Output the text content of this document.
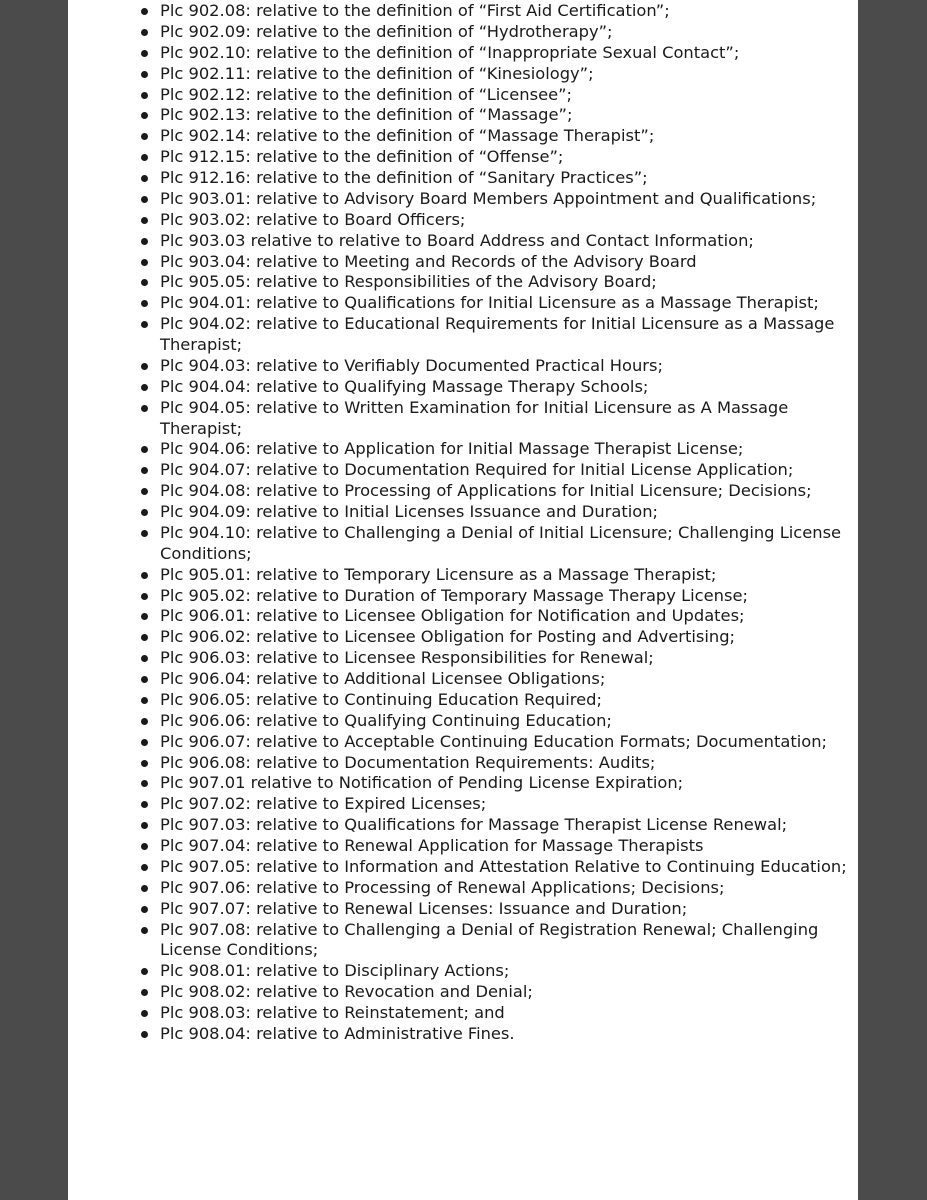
Plc 902.08: relative to the definition of “First Aid Certification”;
Plc 902.09: relative to the definition of “Hydrotherapy”;
Plc 902.10: relative to the definition of “Inappropriate Sexual Contact”;
Plc 902.11: relative to the definition of “Kinesiology”;
Plc 902.12: relative to the definition of “Licensee”;
Plc 902.13: relative to the definition of “Massage”;
Plc 902.14: relative to the definition of “Massage Therapist”;
Plc 912.15: relative to the definition of “Offense”;
Plc 912.16: relative to the definition of “Sanitary Practices”;
Plc 903.01: relative to Advisory Board Members Appointment and Qualifications;
Plc 903.02: relative to Board Officers;
Plc 903.03 relative to relative to Board Address and Contact Information;
Plc 903.04: relative to Meeting and Records of the Advisory Board
Plc 905.05: relative to Responsibilities of the Advisory Board;
Plc 904.01: relative to Qualifications for Initial Licensure as a Massage Therapist;
Plc 904.02: relative to Educational Requirements for Initial Licensure as a Massage Therapist;
Plc 904.03: relative to Verifiably Documented Practical Hours;
Plc 904.04: relative to Qualifying Massage Therapy Schools;
Plc 904.05: relative to Written Examination for Initial Licensure as A Massage Therapist;
Plc 904.06: relative to Application for Initial Massage Therapist License;
Plc 904.07: relative to Documentation Required for Initial License Application;
Plc 904.08: relative to Processing of Applications for Initial Licensure; Decisions;
Plc 904.09: relative to Initial Licenses Issuance and Duration;
Plc 904.10: relative to Challenging a Denial of Initial Licensure; Challenging License Conditions;
Plc 905.01: relative to Temporary Licensure as a Massage Therapist;
Plc 905.02: relative to Duration of Temporary Massage Therapy License;
Plc 906.01: relative to Licensee Obligation for Notification and Updates;
Plc 906.02: relative to Licensee Obligation for Posting and Advertising;
Plc 906.03: relative to Licensee Responsibilities for Renewal;
Plc 906.04: relative to Additional Licensee Obligations;
Plc 906.05: relative to Continuing Education Required;
Plc 906.06: relative to Qualifying Continuing Education;
Plc 906.07: relative to Acceptable Continuing Education Formats; Documentation;
Plc 906.08: relative to Documentation Requirements: Audits;
Plc 907.01 relative to Notification of Pending License Expiration;
Plc 907.02: relative to Expired Licenses;
Plc 907.03: relative to Qualifications for Massage Therapist License Renewal;
Plc 907.04: relative to Renewal Application for Massage Therapists
Plc 907.05: relative to Information and Attestation Relative to Continuing Education;
Plc 907.06: relative to Processing of Renewal Applications; Decisions;
Plc 907.07: relative to Renewal Licenses: Issuance and Duration;
Plc 907.08: relative to Challenging a Denial of Registration Renewal; Challenging License Conditions;
Plc 908.01: relative to Disciplinary Actions;
Plc 908.02: relative to Revocation and Denial;
Plc 908.03: relative to Reinstatement; and
Plc 908.04: relative to Administrative Fines.
